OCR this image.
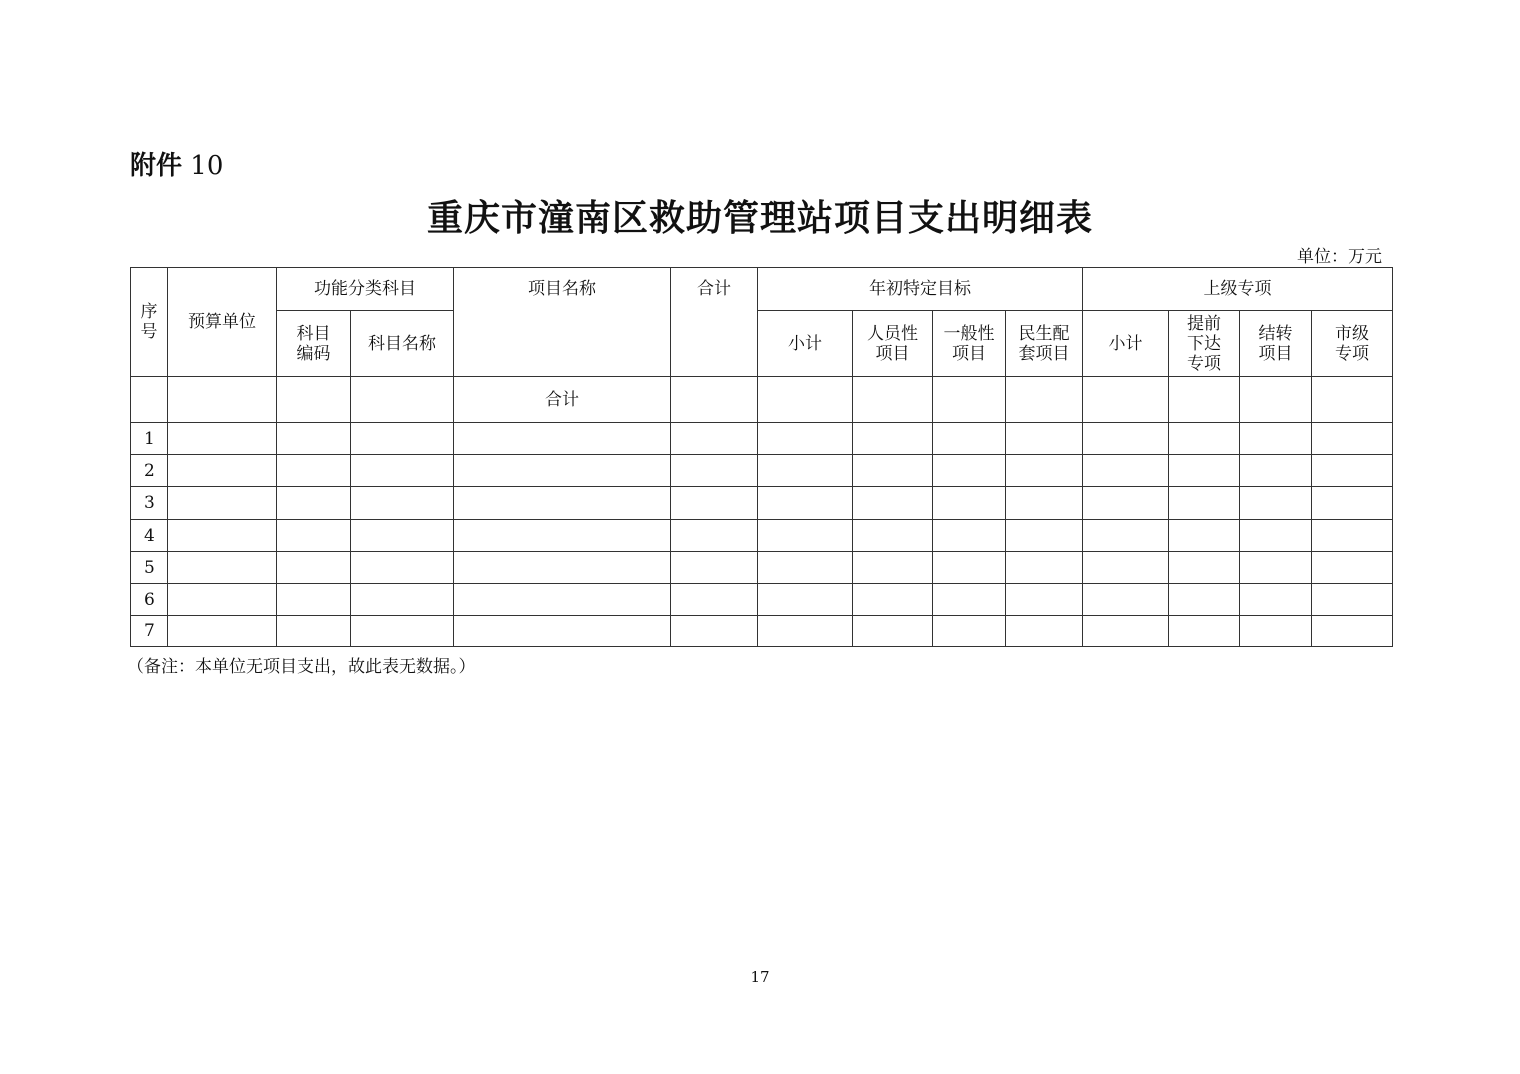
附件 10
重庆市潼南区救助管理站项目支出明细表
单位：万元
序号	预算单位	功能分类科目		项目名称	合计	年初特定目标				上级专项			

		科目编码	科目名称			小计	人员性项目	一般性项目	民生配套项目	小计	提前下达专项	结转项目	市级专项

				合计									
1													
2													
3													
4													
5													
6													
7													
（备注：本单位无项目支出，故此表无数据。）
17
